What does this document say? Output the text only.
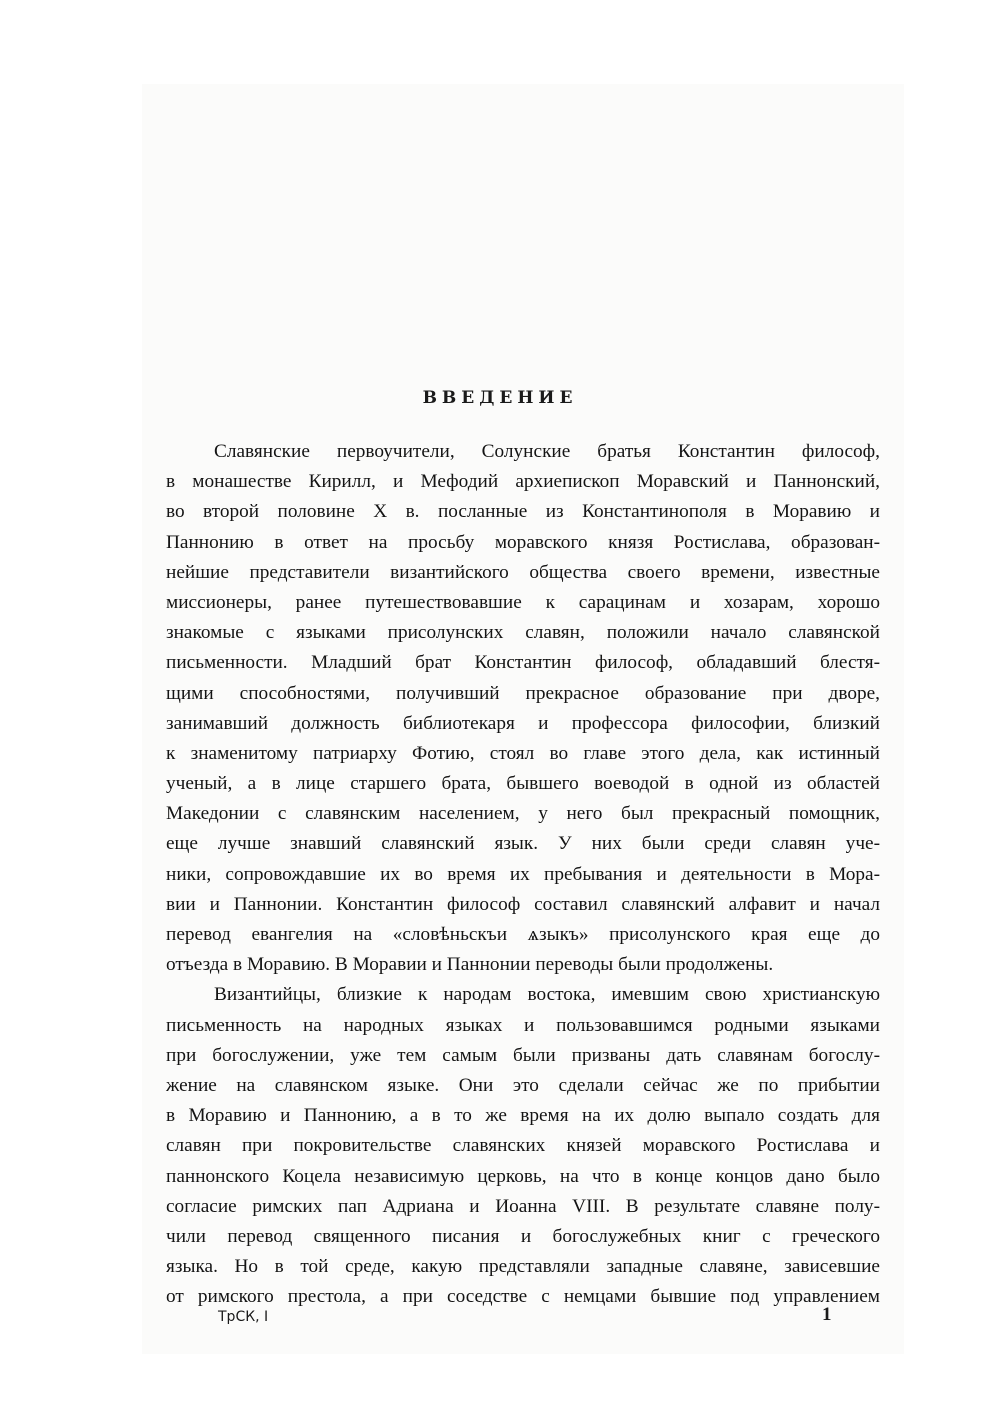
ВВЕДЕНИЕ
Славянские первоучители, Солунские братья Константин философ,
в монашестве Кирилл, и Мефодий архиепископ Моравский и Паннонский,
во второй половине X в. посланные из Константинополя в Моравию и
Паннонию в ответ на просьбу моравского князя Ростислава, образован-
нейшие представители византийского общества своего времени, известные
миссионеры, ранее путешествовавшие к сарацинам и хозарам, хорошо
знакомые с языками присолунских славян, положили начало славянской
письменности. Младший брат Константин философ, обладавший блестя-
щими способностями, получивший прекрасное образование при дворе,
занимавший должность библиотекаря и профессора философии, близкий
к знаменитому патриарху Фотию, стоял во главе этого дела, как истинный
ученый, а в лице старшего брата, бывшего воеводой в одной из областей
Македонии с славянским населением, у него был прекрасный помощник,
еще лучше знавший славянский язык. У них были среди славян уче-
ники, сопровождавшие их во время их пребывания и деятельности в Мора-
вии и Паннонии. Константин философ составил славянский алфавит и начал
перевод евангелия на «словѣньскъи ѧзыкъ» присолунского края еще до
отъезда в Моравию. В Моравии и Паннонии переводы были продолжены.
Византийцы, близкие к народам востока, имевшим свою христианскую
письменность на народных языках и пользовавшимся родными языками
при богослужении, уже тем самым были призваны дать славянам богослу-
жение на славянском языке. Они это сделали сейчас же по прибытии
в Моравию и Паннонию, а в то же время на их долю выпало создать для
славян при покровительстве славянских князей моравского Ростислава и
паннонского Коцела независимую церковь, на что в конце концов дано было
согласие римских пап Адриана и Иоанна VIII. В результате славяне полу-
чили перевод священного писания и богослужебных книг с греческого
языка. Но в той среде, какую представляли западные славяне, зависевшие
от римского престола, а при соседстве с немцами бывшие под управлением
ТрСК, I	1
